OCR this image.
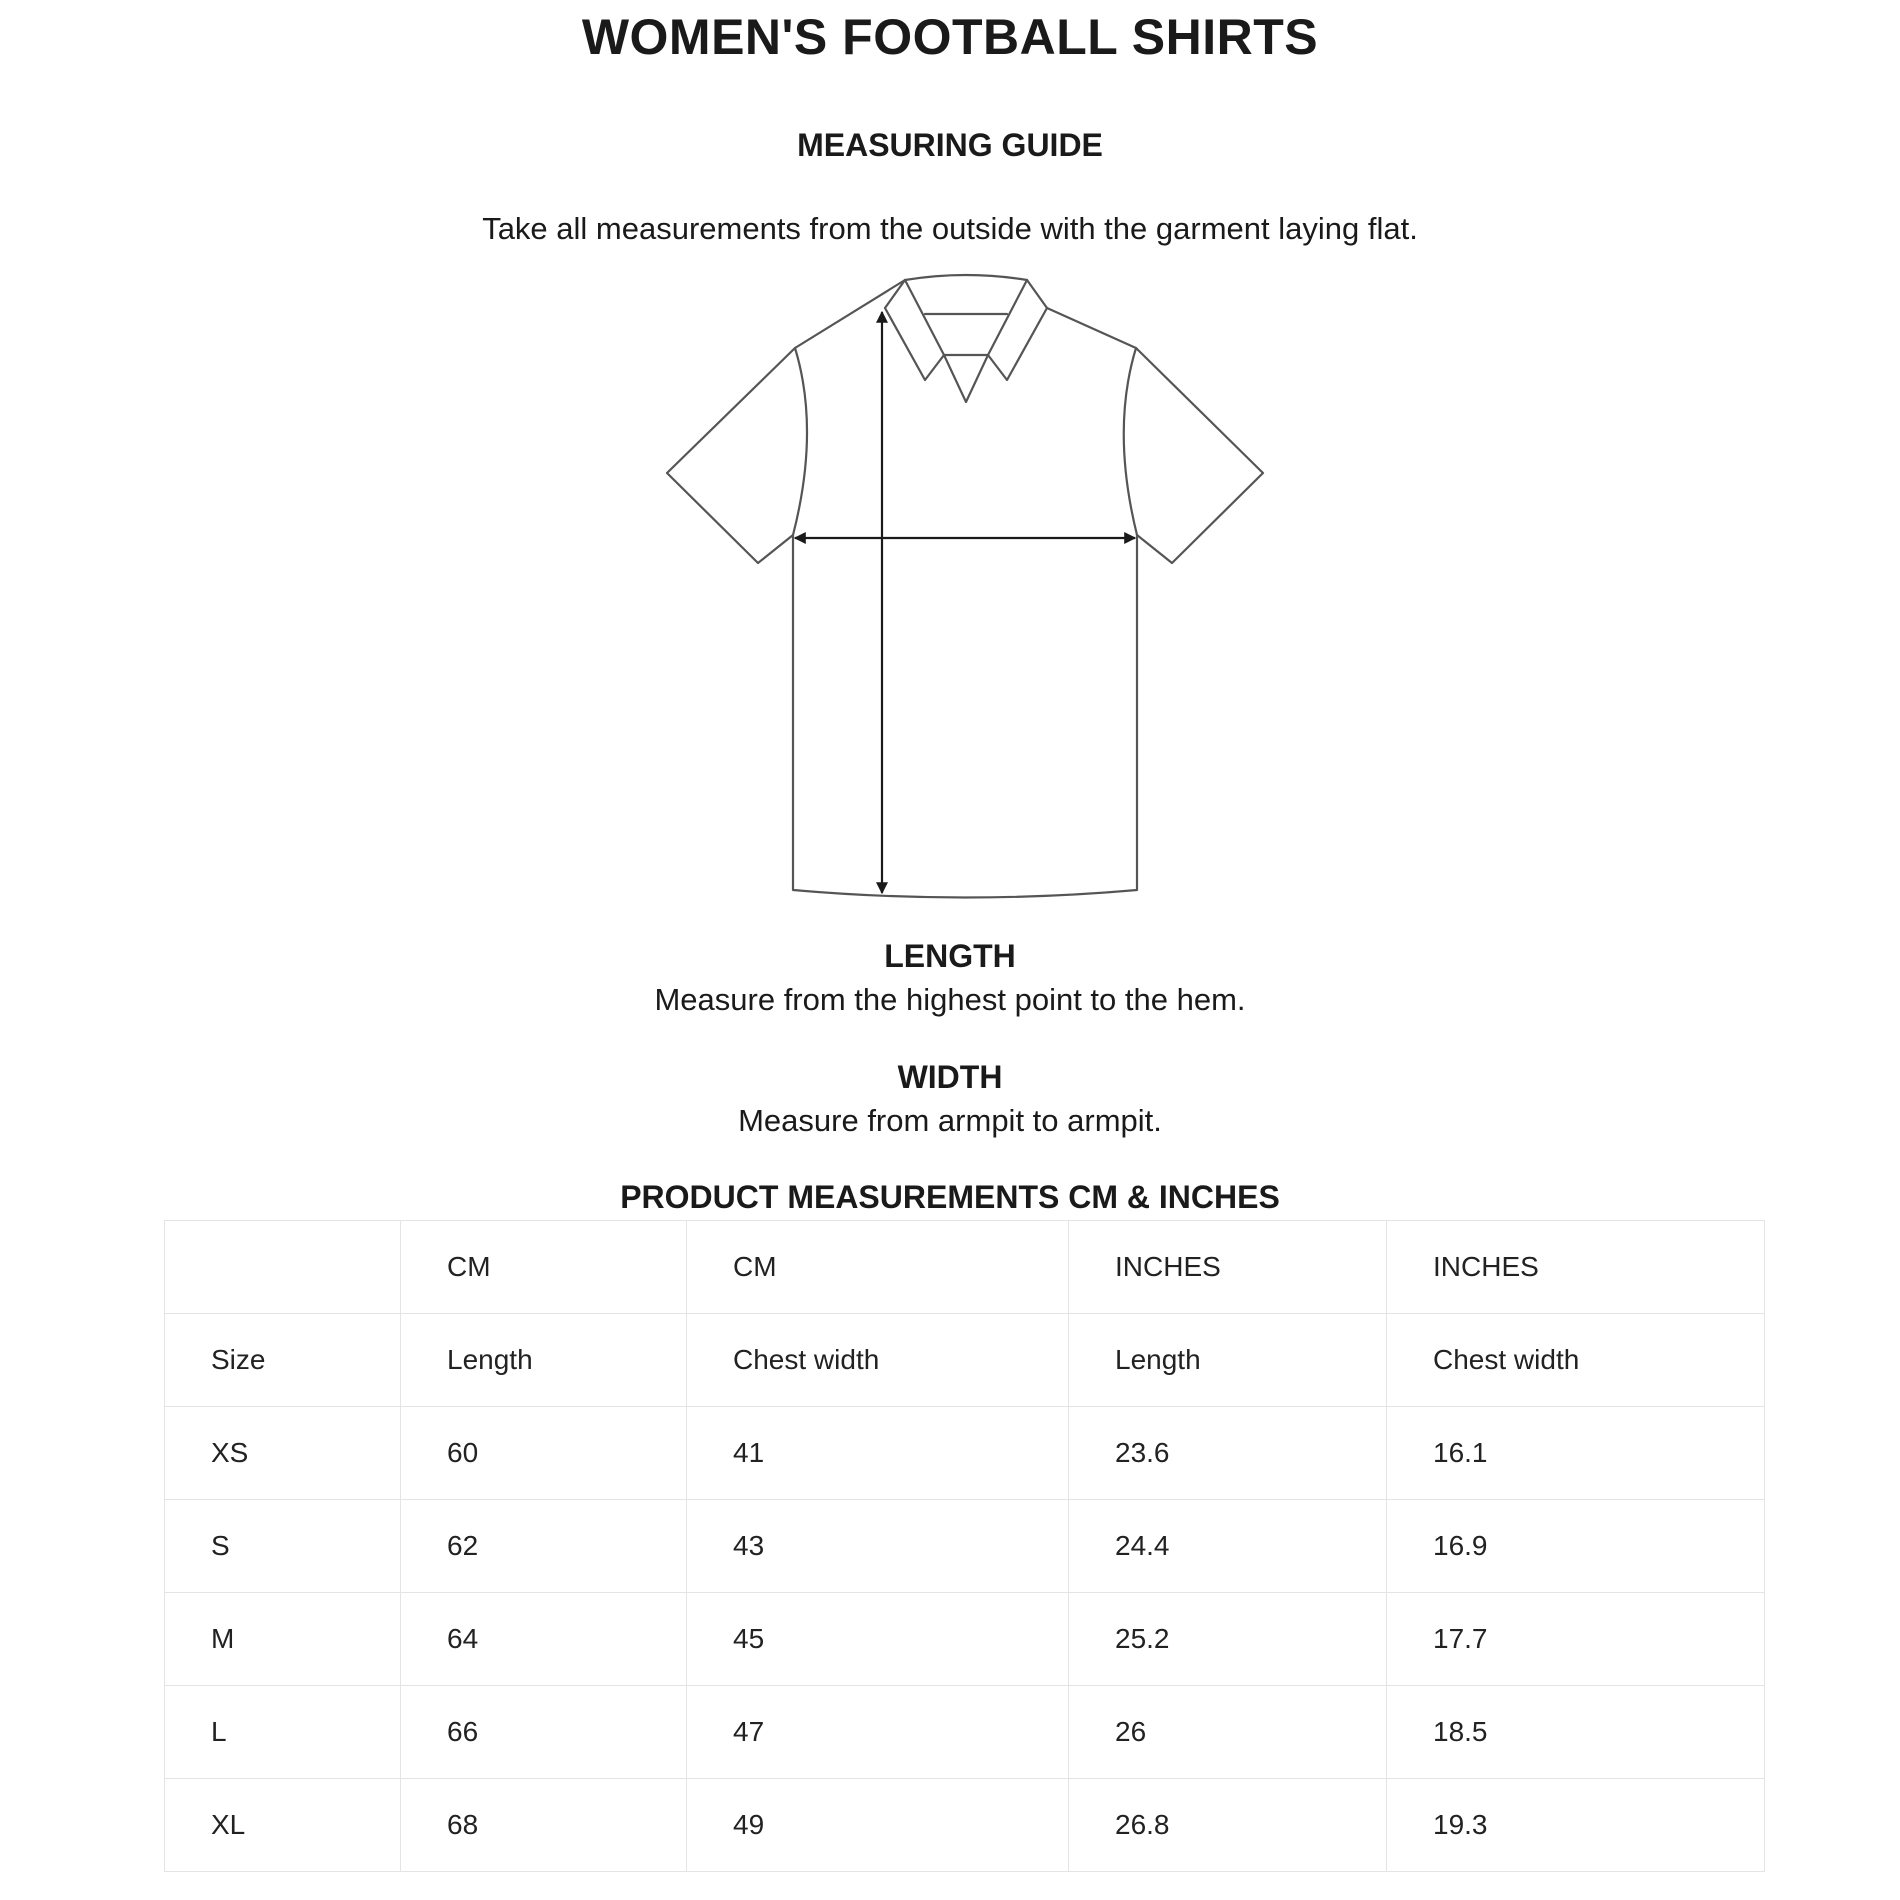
WOMEN'S FOOTBALL SHIRTS
MEASURING GUIDE

Take all measurements from the outside with the garment laying flat.

LENGTH

Measure from the highest point to the hem.

WIDTH

Measure from armpit to armpit.

PRODUCT MEASUREMENTS CM & INCHES
	CM	CM	INCHES	INCHES
Size	Length	Chest width	Length	Chest width
XS	60	41	23.6	16.1
S	62	43	24.4	16.9
M	64	45	25.2	17.7
L	66	47	26	18.5
XL	68	49	26.8	19.3
